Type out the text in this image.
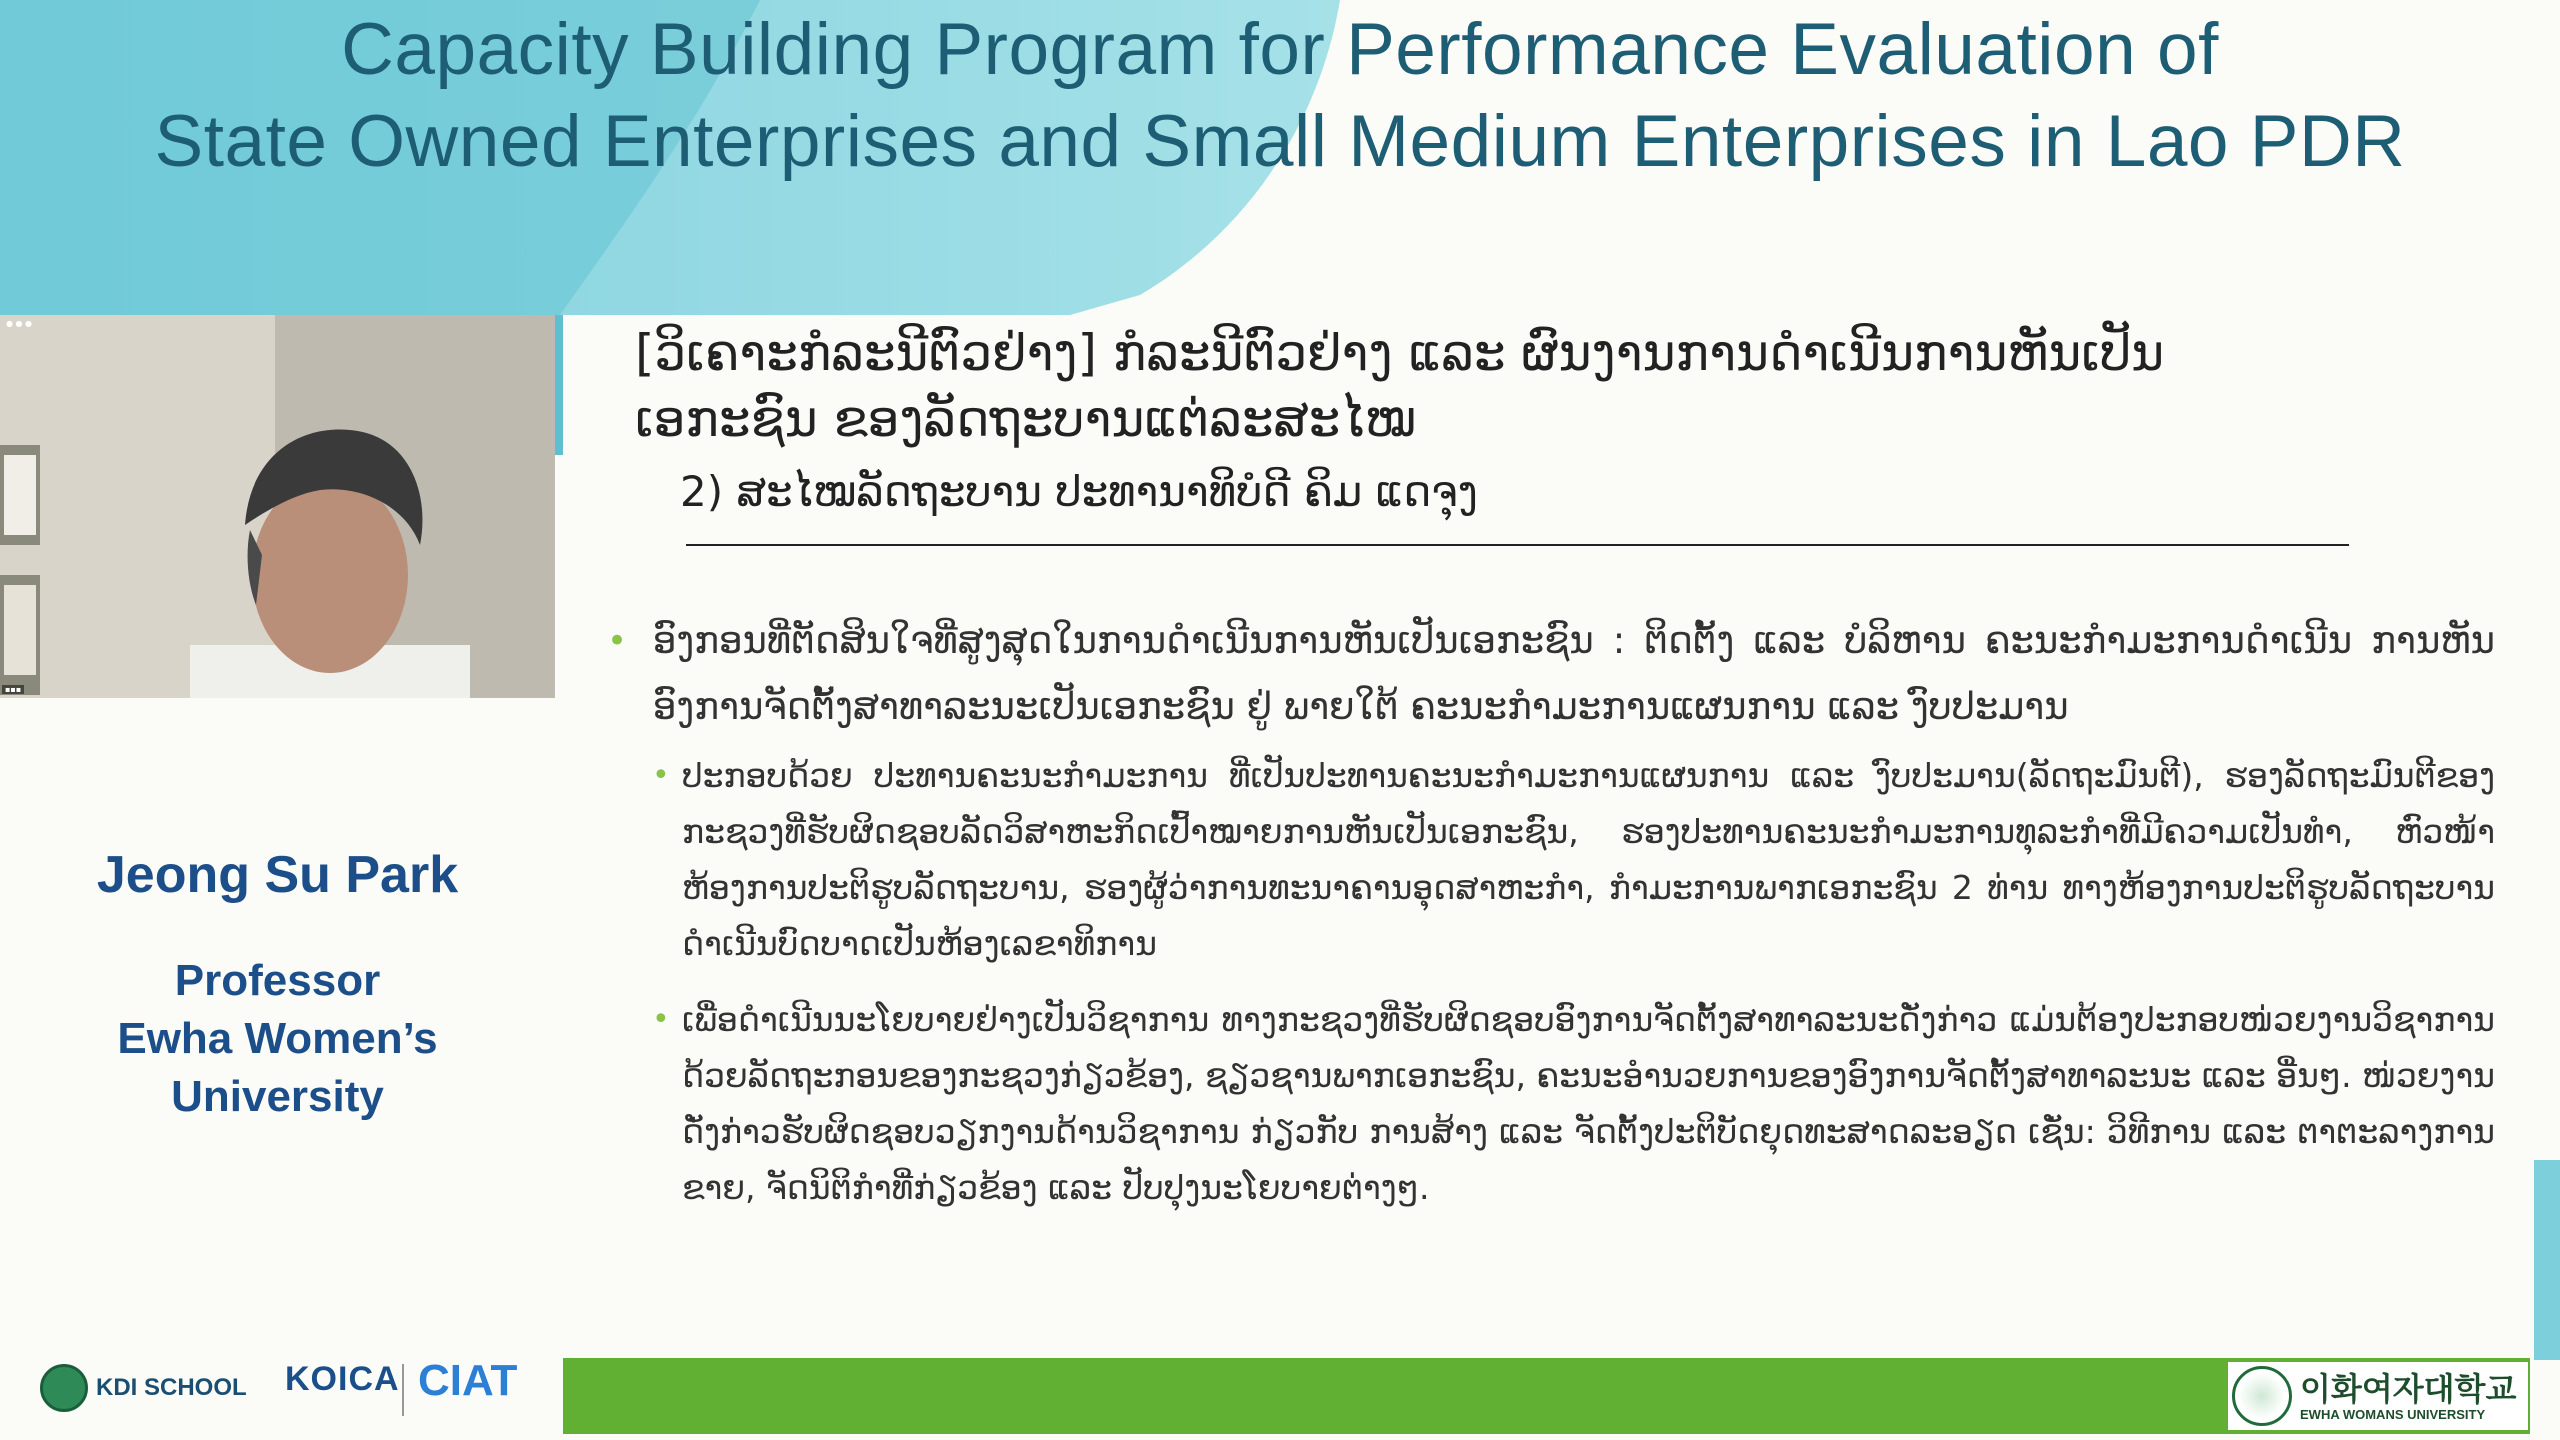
Capacity Building Program for Performance Evaluation of
State Owned Enterprises and Small Medium Enterprises in Lao PDR
● ● ●
▪▪▪
Jeong Su Park
Professor
Ewha Women’s
University
[ວິເຄາະກໍລະນີຕົວຢ່າງ] ກໍລະນີຕົວຢ່າງ ແລະ ຜົນງານການດຳເນີນການຫັນເປັນເອກະຊົນ ຂອງລັດຖະບານແຕ່ລະສະໄໝ
2) ສະໄໝລັດຖະບານ ປະທານາທິບໍດີ ຄິມ ແດຈຸງ
• ອົງກອນທີ່ຕັດສິນໃຈທີ່ສູງສຸດໃນການດຳເນີນການຫັນເປັນເອກະຊົນ : ຕິດຕັ້ງ ແລະ ບໍລິຫານ ຄະນະກຳມະການດຳເນີນ ການຫັນອົງການຈັດຕັ້ງສາທາລະນະເປັນເອກະຊົນ ຢູ່ ພາຍໃຕ້ ຄະນະກຳມະການແຜນການ ແລະ ງົບປະມານ
• ປະກອບດ້ວຍ ປະທານຄະນະກຳມະການ ທີ່ເປັນປະທານຄະນະກຳມະການແຜນການ ແລະ ງົບປະມານ(ລັດຖະມົນຕີ), ຮອງລັດຖະມົນຕີຂອງກະຊວງທີ່ຮັບຜິດຊອບລັດວິສາຫະກິດເປົ້າໝາຍການຫັນເປັນເອກະຊົນ, ຮອງປະທານຄະນະກຳມະການທຸລະກຳທີ່ມີຄວາມເປັນທຳ, ຫົວໜ້າຫ້ອງການປະຕິຮູບລັດຖະບານ, ຮອງຜູ້ວ່າການທະນາຄານອຸດສາຫະກຳ, ກຳມະການພາກເອກະຊົນ 2 ທ່ານ ທາງຫ້ອງການປະຕິຮູບລັດຖະບານ ດຳເນີນບົດບາດເປັນຫ້ອງເລຂາທິການ
• ເພື່ອດຳເນີນນະໂຍບາຍຢ່າງເປັນວິຊາການ ທາງກະຊວງທີ່ຮັບຜິດຊອບອົງການຈັດຕັ້ງສາທາລະນະດັ່ງກ່າວ ແມ່ນຕ້ອງປະກອບໜ່ວຍງານວິຊາການ ດ້ວຍລັດຖະກອນຂອງກະຊວງກ່ຽວຂ້ອງ, ຊຽວຊານພາກເອກະຊົນ, ຄະນະອຳນວຍການຂອງອົງການຈັດຕັ້ງສາທາລະນະ ແລະ ອື່ນໆ. ໜ່ວຍງານດັ່ງກ່າວຮັບຜິດຊອບວຽກງານດ້ານວິຊາການ ກ່ຽວກັບ ການສ້າງ ແລະ ຈັດຕັ້ງປະຕິບັດຍຸດທະສາດລະອຽດ ເຊັ່ນ: ວິທີການ ແລະ ຕາຕະລາງການຂາຍ, ຈັດນິຕິກຳທີ່ກ່ຽວຂ້ອງ ແລະ ປັບປຸງນະໂຍບາຍຕ່າງໆ.
KDI SCHOOL KOICA CIAT	이화여자대학교
EWHA WOMANS UNIVERSITY
